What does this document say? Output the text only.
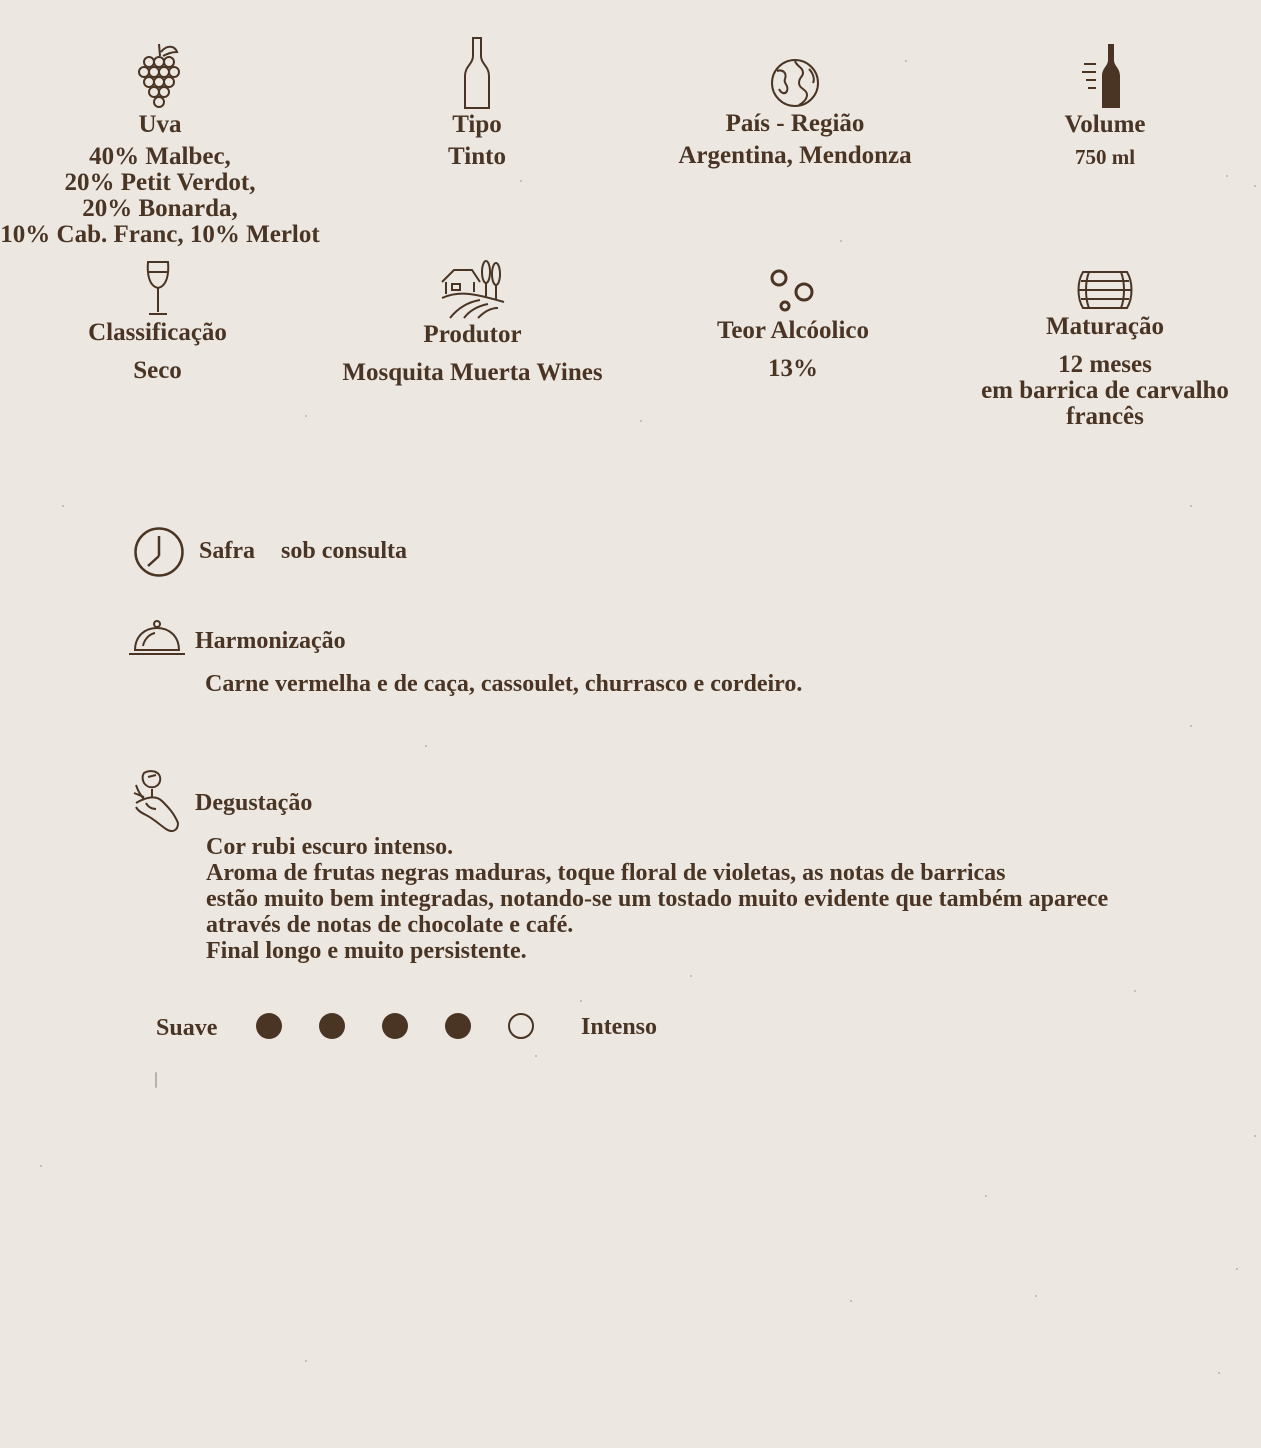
Uva
40% Malbec,
20% Petit Verdot,
20% Bonarda,
10% Cab. Franc, 10% Merlot
Tipo
Tinto
País - Região
Argentina, Mendonza
Volume
750 ml
Classificação
Seco
Produtor
Mosquita Muerta Wines
Teor Alcóolico
13%
Maturação
12 meses
em barrica de carvalho
francês
Safra sob consulta
Harmonização
Carne vermelha e de caça, cassoulet, churrasco e cordeiro.
Degustação
Cor rubi escuro intenso.
Aroma de frutas negras maduras, toque floral de violetas, as notas de barricas
estão muito bem integradas, notando-se um tostado muito evidente que também aparece
através de notas de chocolate e café.
Final longo e muito persistente.
Suave	Intenso
